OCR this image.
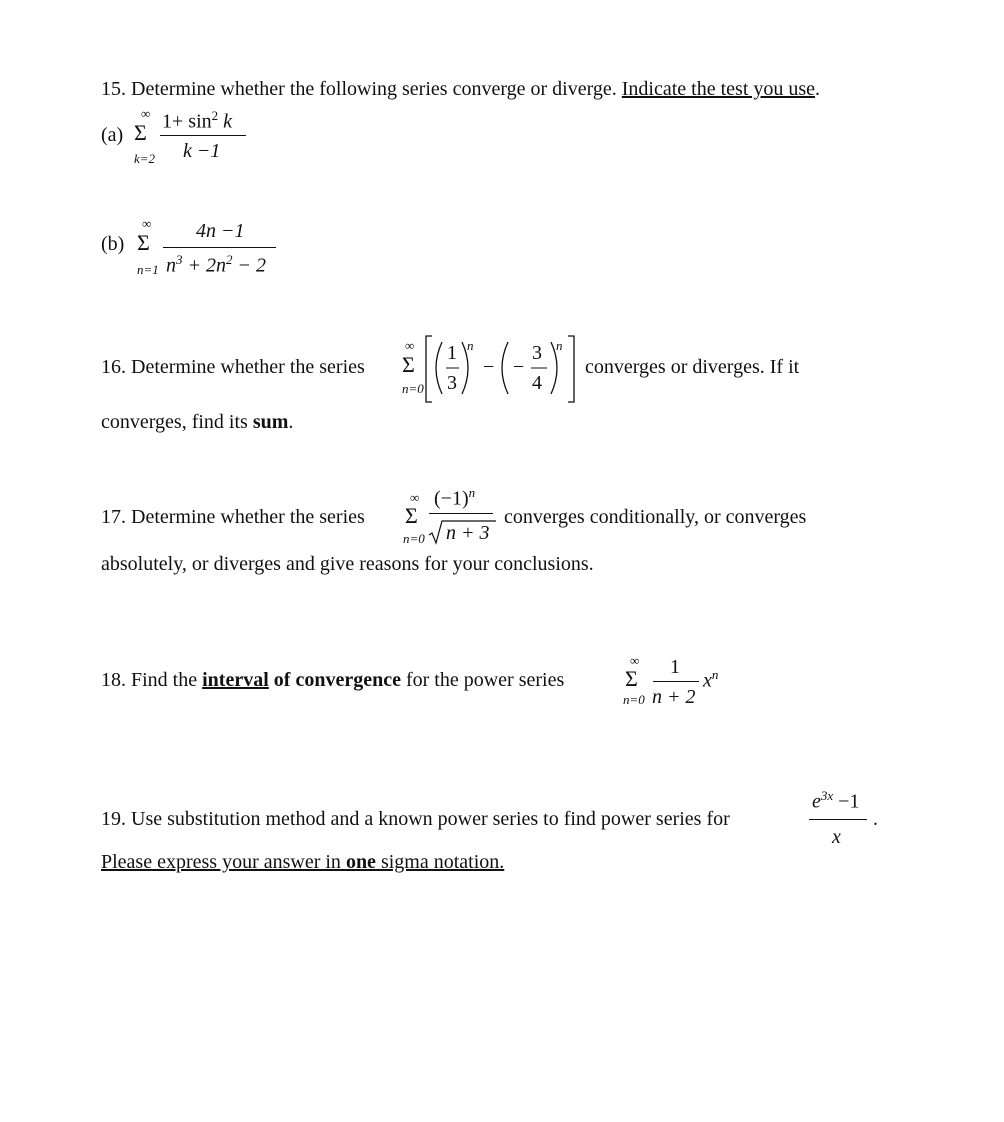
15. Determine whether the following series converge or diverge. Indicate the test you use.
(a)
∞
Σ
k=2
$1+ \sin^2 k$
k −1
(b)
∞
Σ
n=1
4n −1
$n^3 + 2n^2 - 2$
16. Determine whether the series
∞
Σ
n=0
1
3
n
− −
3
4
n
converges or diverges. If it
converges, find its sum.
17. Determine whether the series
∞
Σ
n=0
$(-1)^n$
n + 3
converges conditionally, or converges
absolutely, or diverges and give reasons for your conclusions.
18. Find the interval of convergence for the power series
∞
Σ
n=0
1
n + 2
$x^n$
19. Use substitution method and a known power series to find power series for
$e^{3x} -1$
x
.
Please express your answer in one sigma notation.
